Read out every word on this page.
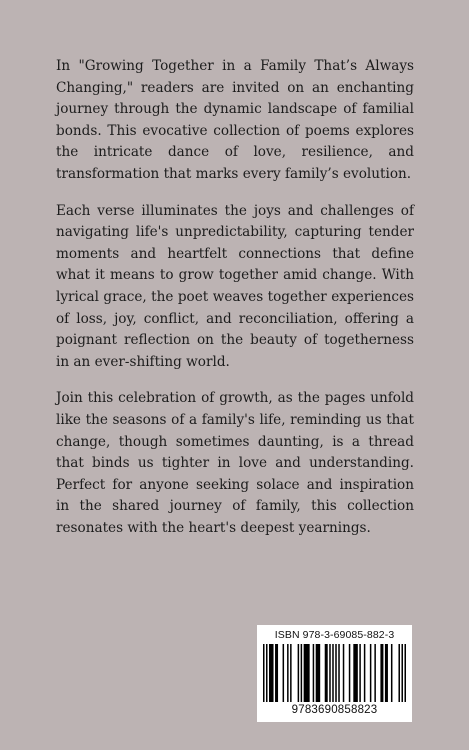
In "Growing Together in a Family That’s Always Changing," readers are invited on an enchanting journey through the dynamic landscape of familial bonds. This evocative collection of poems explores the intricate dance of love, resilience, and transformation that marks every family’s evolution.

Each verse illuminates the joys and challenges of navigating life's unpredictability, capturing tender moments and heartfelt connections that define what it means to grow together amid change. With lyrical grace, the poet weaves together experiences of loss, joy, conflict, and reconciliation, offering a poignant reflection on the beauty of togetherness in an ever-shifting world.

Join this celebration of growth, as the pages unfold like the seasons of a family's life, reminding us that change, though sometimes daunting, is a thread that binds us tighter in love and understanding. Perfect for anyone seeking solace and inspiration in the shared journey of family, this collection resonates with the heart's deepest yearnings.

ISBN 978-3-69085-882-3
9783690858823
